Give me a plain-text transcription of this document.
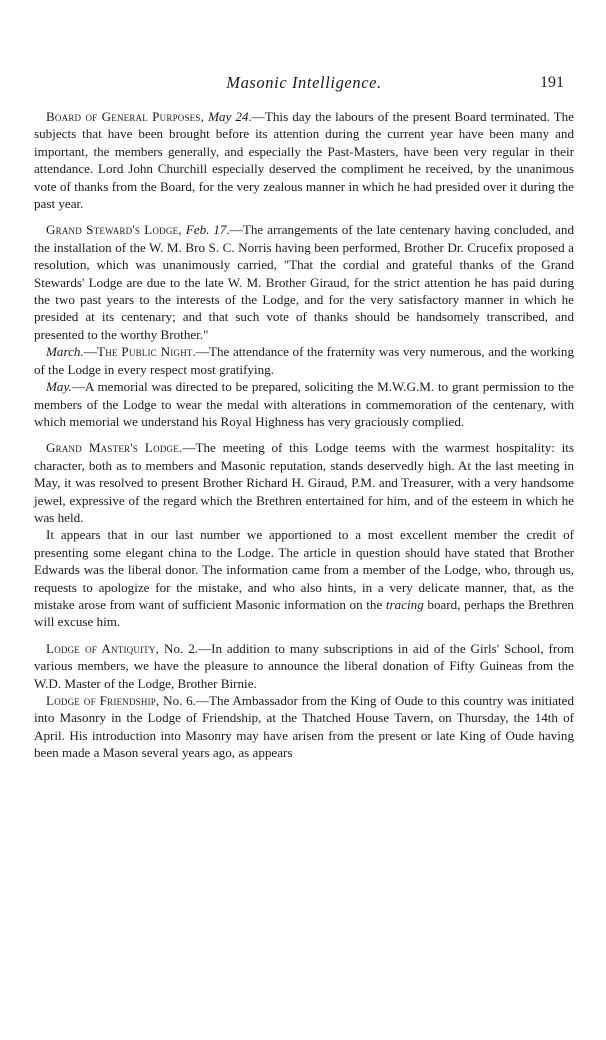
Masonic Intelligence.	191

Board of General Purposes, May 24.—This day the labours of the present Board terminated. The subjects that have been brought before its attention during the current year have been many and important, the members generally, and especially the Past-Masters, have been very regular in their attendance. Lord John Churchill especially deserved the compliment he received, by the unanimous vote of thanks from the Board, for the very zealous manner in which he had presided over it during the past year.

Grand Steward's Lodge, Feb. 17.—The arrangements of the late centenary having concluded, and the installation of the W. M. Bro S. C. Norris having been performed, Brother Dr. Crucefix proposed a resolution, which was unanimously carried, "That the cordial and grateful thanks of the Grand Stewards' Lodge are due to the late W. M. Brother Giraud, for the strict attention he has paid during the two past years to the interests of the Lodge, and for the very satisfactory manner in which he presided at its centenary; and that such vote of thanks should be handsomely transcribed, and presented to the worthy Brother."

March.—The Public Night.—The attendance of the fraternity was very numerous, and the working of the Lodge in every respect most gratifying.

May.—A memorial was directed to be prepared, soliciting the M.W.G.M. to grant permission to the members of the Lodge to wear the medal with alterations in commemoration of the centenary, with which memorial we understand his Royal Highness has very graciously complied.

Grand Master's Lodge.—The meeting of this Lodge teems with the warmest hospitality: its character, both as to members and Masonic reputation, stands deservedly high. At the last meeting in May, it was resolved to present Brother Richard H. Giraud, P.M. and Treasurer, with a very handsome jewel, expressive of the regard which the Brethren entertained for him, and of the esteem in which he was held.

It appears that in our last number we apportioned to a most excellent member the credit of presenting some elegant china to the Lodge. The article in question should have stated that Brother Edwards was the liberal donor. The information came from a member of the Lodge, who, through us, requests to apologize for the mistake, and who also hints, in a very delicate manner, that, as the mistake arose from want of sufficient Masonic information on the tracing board, perhaps the Brethren will excuse him.

Lodge of Antiquity, No. 2.—In addition to many subscriptions in aid of the Girls' School, from various members, we have the pleasure to announce the liberal donation of Fifty Guineas from the W.D. Master of the Lodge, Brother Birnie.

Lodge of Friendship, No. 6.—The Ambassador from the King of Oude to this country was initiated into Masonry in the Lodge of Friendship, at the Thatched House Tavern, on Thursday, the 14th of April. His introduction into Masonry may have arisen from the present or late King of Oude having been made a Mason several years ago, as appears
